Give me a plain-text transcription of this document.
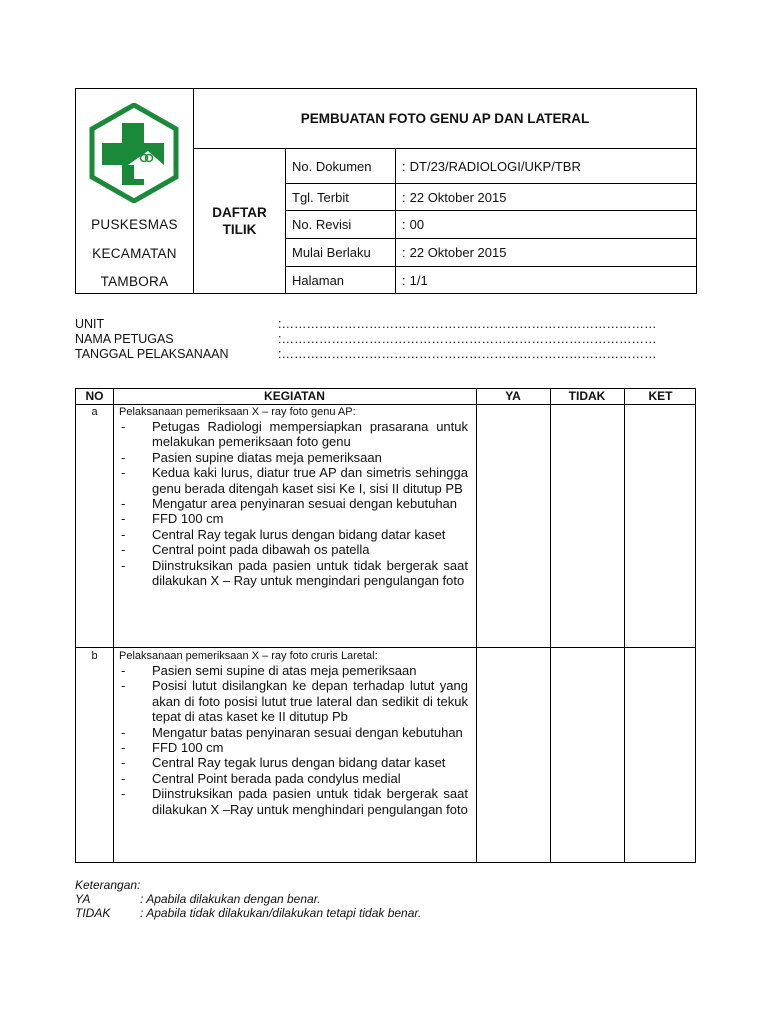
PUSKESMAS
KECAMATAN
TAMBORA
PEMBUATAN FOTO GENU AP DAN LATERAL
DAFTAR
TILIK
No. Dokumen	: DT/23/RADIOLOGI/UKP/TBR
Tgl. Terbit	: 22 Oktober 2015
No. Revisi	: 00
Mulai Berlaku	: 22 Oktober 2015
Halaman	: 1/1
UNIT	:………………………………………………………………………………
NAMA PETUGAS	:………………………………………………………………………………
TANGGAL PELAKSANAAN	:………………………………………………………………………………
NO	KEGIATAN	YA	TIDAK	KET
a	Pelaksanaan pemeriksaan X – ray foto genu AP:
- Petugas Radiologi mempersiapkan prasarana untuk melakukan pemeriksaan foto genu
- Pasien supine diatas meja pemeriksaan
- Kedua kaki lurus, diatur true AP dan simetris sehingga genu berada ditengah kaset sisi Ke I, sisi II ditutup PB
- Mengatur area penyinaran sesuai dengan kebutuhan
- FFD 100 cm
- Central Ray tegak lurus dengan bidang datar kaset
- Central point pada dibawah os patella
- Diinstruksikan pada pasien untuk tidak bergerak saat dilakukan X – Ray untuk mengindari pengulangan foto
b	Pelaksanaan pemeriksaan X – ray foto cruris Laretal:
- Pasien semi supine di atas meja pemeriksaan
- Posisi lutut disilangkan ke depan terhadap lutut yang akan di foto posisi lutut true lateral dan sedikit di tekuk tepat di atas kaset ke II ditutup Pb
- Mengatur batas penyinaran sesuai dengan kebutuhan
- FFD 100 cm
- Central Ray tegak lurus dengan bidang datar kaset
- Central Point berada pada condylus medial
- Diinstruksikan pada pasien untuk tidak bergerak saat dilakukan X –Ray untuk menghindari pengulangan foto
Keterangan:
YA	: Apabila dilakukan dengan benar.
TIDAK : Apabila tidak dilakukan/dilakukan tetapi tidak benar.
